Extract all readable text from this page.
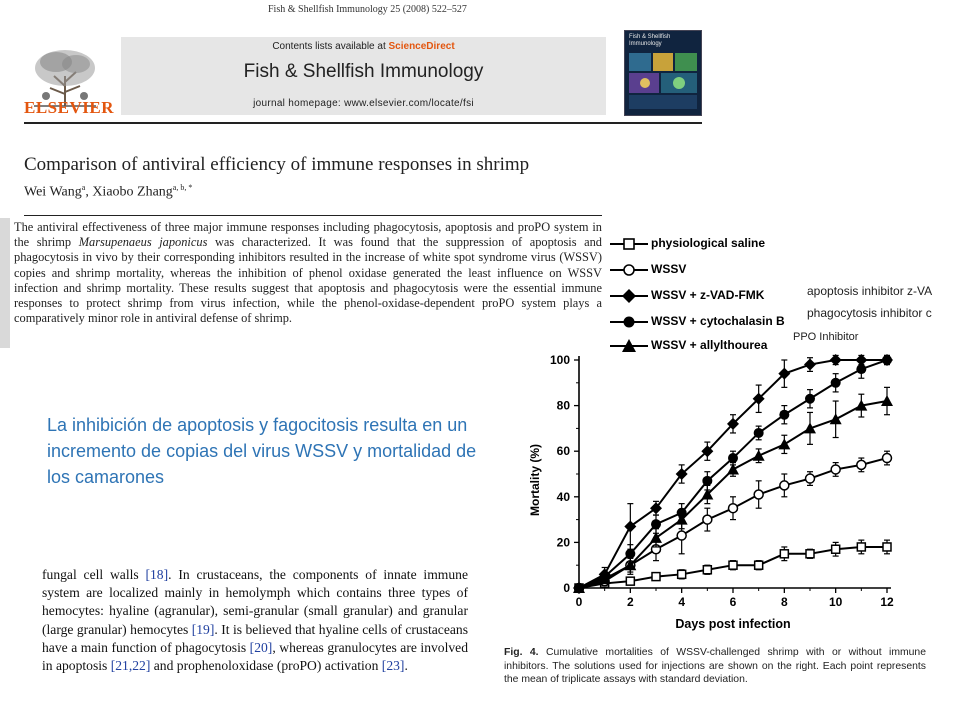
Fish & Shellfish Immunology 25 (2008) 522–527
ELSEVIER
Contents lists available at ScienceDirect
Fish & Shellfish Immunology
journal homepage: www.elsevier.com/locate/fsi
Fish & Shellfish Immunology
Comparison of antiviral efficiency of immune responses in shrimp
Wei Wang$^a$, Xiaobo Zhang$^{a, b, *}$
The antiviral effectiveness of three major immune responses including phagocytosis, apoptosis and proPO system in the shrimp Marsupenaeus japonicus was characterized. It was found that the suppression of apoptosis and phagocytosis in vivo by their corresponding inhibitors resulted in the increase of white spot syndrome virus (WSSV) copies and shrimp mortality, whereas the inhibition of phenol oxidase generated the least influence on WSSV infection and shrimp mortality. These results suggest that apoptosis and phagocytosis were the essential immune responses to protect shrimp from virus infection, while the phenol-oxidase-dependent proPO system plays a comparatively minor role in antiviral defense of shrimp.
physiological saline
WSSV
WSSV + z-VAD-FMK
WSSV + cytochalasin B
WSSV + allylthourea
apoptosis inhibitor z-VA
phagocytosis inhibitor c
PPO Inhibitor
La inhibición de apoptosis y fagocitosis resulta en un incremento de copias del virus WSSV y mortalidad de los camarones
fungal cell walls [18]. In crustaceans, the components of innate immune system are localized mainly in hemolymph which contains three types of hemocytes: hyaline (agranular), semi-granular (small granular) and granular (large granular) hemocytes [19]. It is believed that hyaline cells of crustaceans have a main function of phagocytosis [20], whereas granulocytes are involved in apoptosis [21,22] and prophenoloxidase (proPO) activation [23].
0	2	4	6	8	10	12
0
20
40
60
80
100
Mortality (%)
Days post infection
Fig. 4. Cumulative mortalities of WSSV-challenged shrimp with or without immune inhibitors. The solutions used for injections are shown on the right. Each point represents the mean of triplicate assays with standard deviation.
